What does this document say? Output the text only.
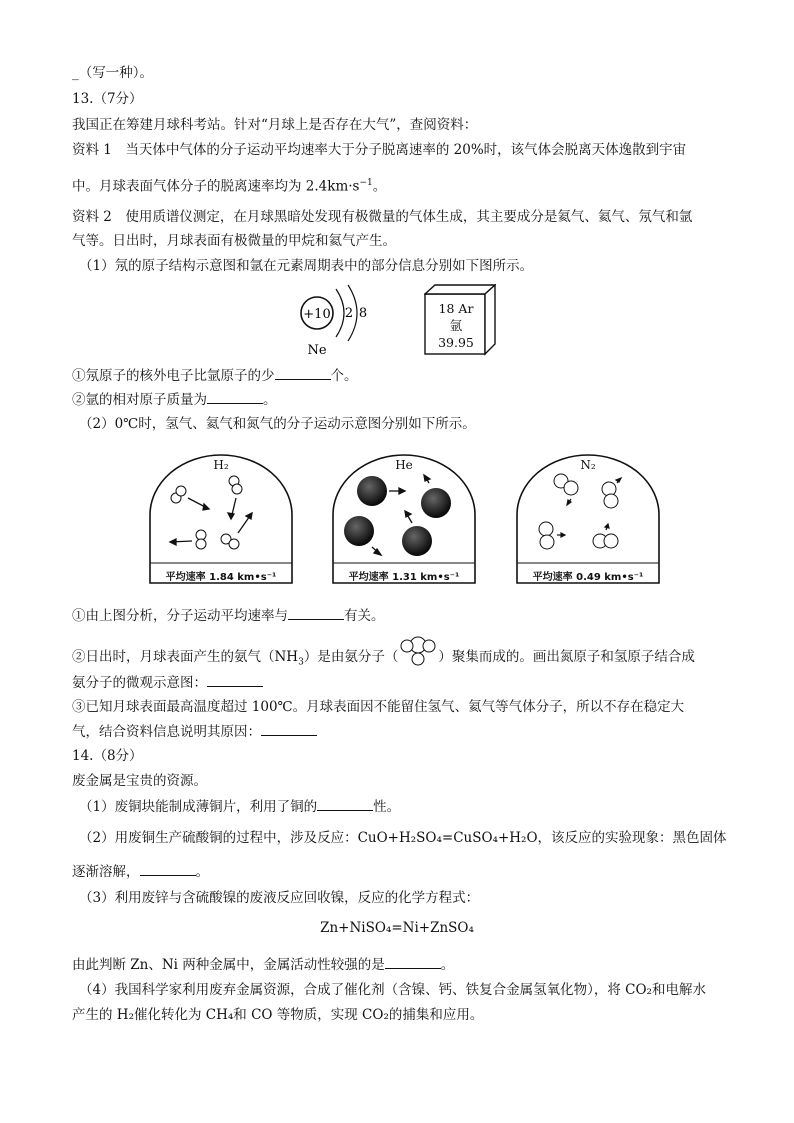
_（写一种）。
13.（7分）
我国正在筹建月球科考站。针对“月球上是否存在大气”，查阅资料：
资料 1　当天体中气体的分子运动平均速率大于分子脱离速率的 20%时，该气体会脱离天体逸散到宇宙
中。月球表面气体分子的脱离速率均为 $2.4km\cdot s^{-1}$。
资料 2　使用质谱仪测定，在月球黑暗处发现有极微量的气体生成，其主要成分是氦气、氦气、氖气和氩
气等。日出时，月球表面有极微量的甲烷和氦气产生。
（1）氖的原子结构示意图和氩在元素周期表中的部分信息分别如下图所示。
+10 2 8
Ne
18 Ar
氩
39.95
①氖原子的核外电子比氩原子的少	个。
②氩的相对原子质量为	。
（2）0℃时，氢气、氦气和氮气的分子运动示意图分别如下所示。
H₂
平均速率 1.84 km•s⁻¹
He
平均速率 1.31 km•s⁻¹
N₂
平均速率 0.49 km•s⁻¹
①由上图分析，分子运动平均速率与	有关。
②日出时，月球表面产生的氨气$(NH_3)$是由氨分子（	）聚集而成的。画出氮原子和氢原子结合成
氨分子的微观示意图：
③已知月球表面最高温度超过 100℃。月球表面因不能留住氢气、氦气等气体分子，所以不存在稳定大
气，结合资料信息说明其原因：
14.（8分）
废金属是宝贵的资源。
（1）废铜块能制成薄铜片，利用了铜的	性。
（2）用废铜生产硫酸铜的过程中，涉及反应：CuO+H₂SO₄=CuSO₄+H₂O，该反应的实验现象：黑色固体
逐渐溶解，	。
（3）利用废锌与含硫酸镍的废液反应回收镍，反应的化学方程式：
Zn+NiSO₄=Ni+ZnSO₄
由此判断 Zn、Ni 两种金属中，金属活动性较强的是	。
（4）我国科学家利用废弃金属资源，合成了催化剂（含镍、钙、铁复合金属氢氧化物），将 CO₂和电解水
产生的 H₂催化转化为 CH₄和 CO 等物质，实现 CO₂的捕集和应用。
